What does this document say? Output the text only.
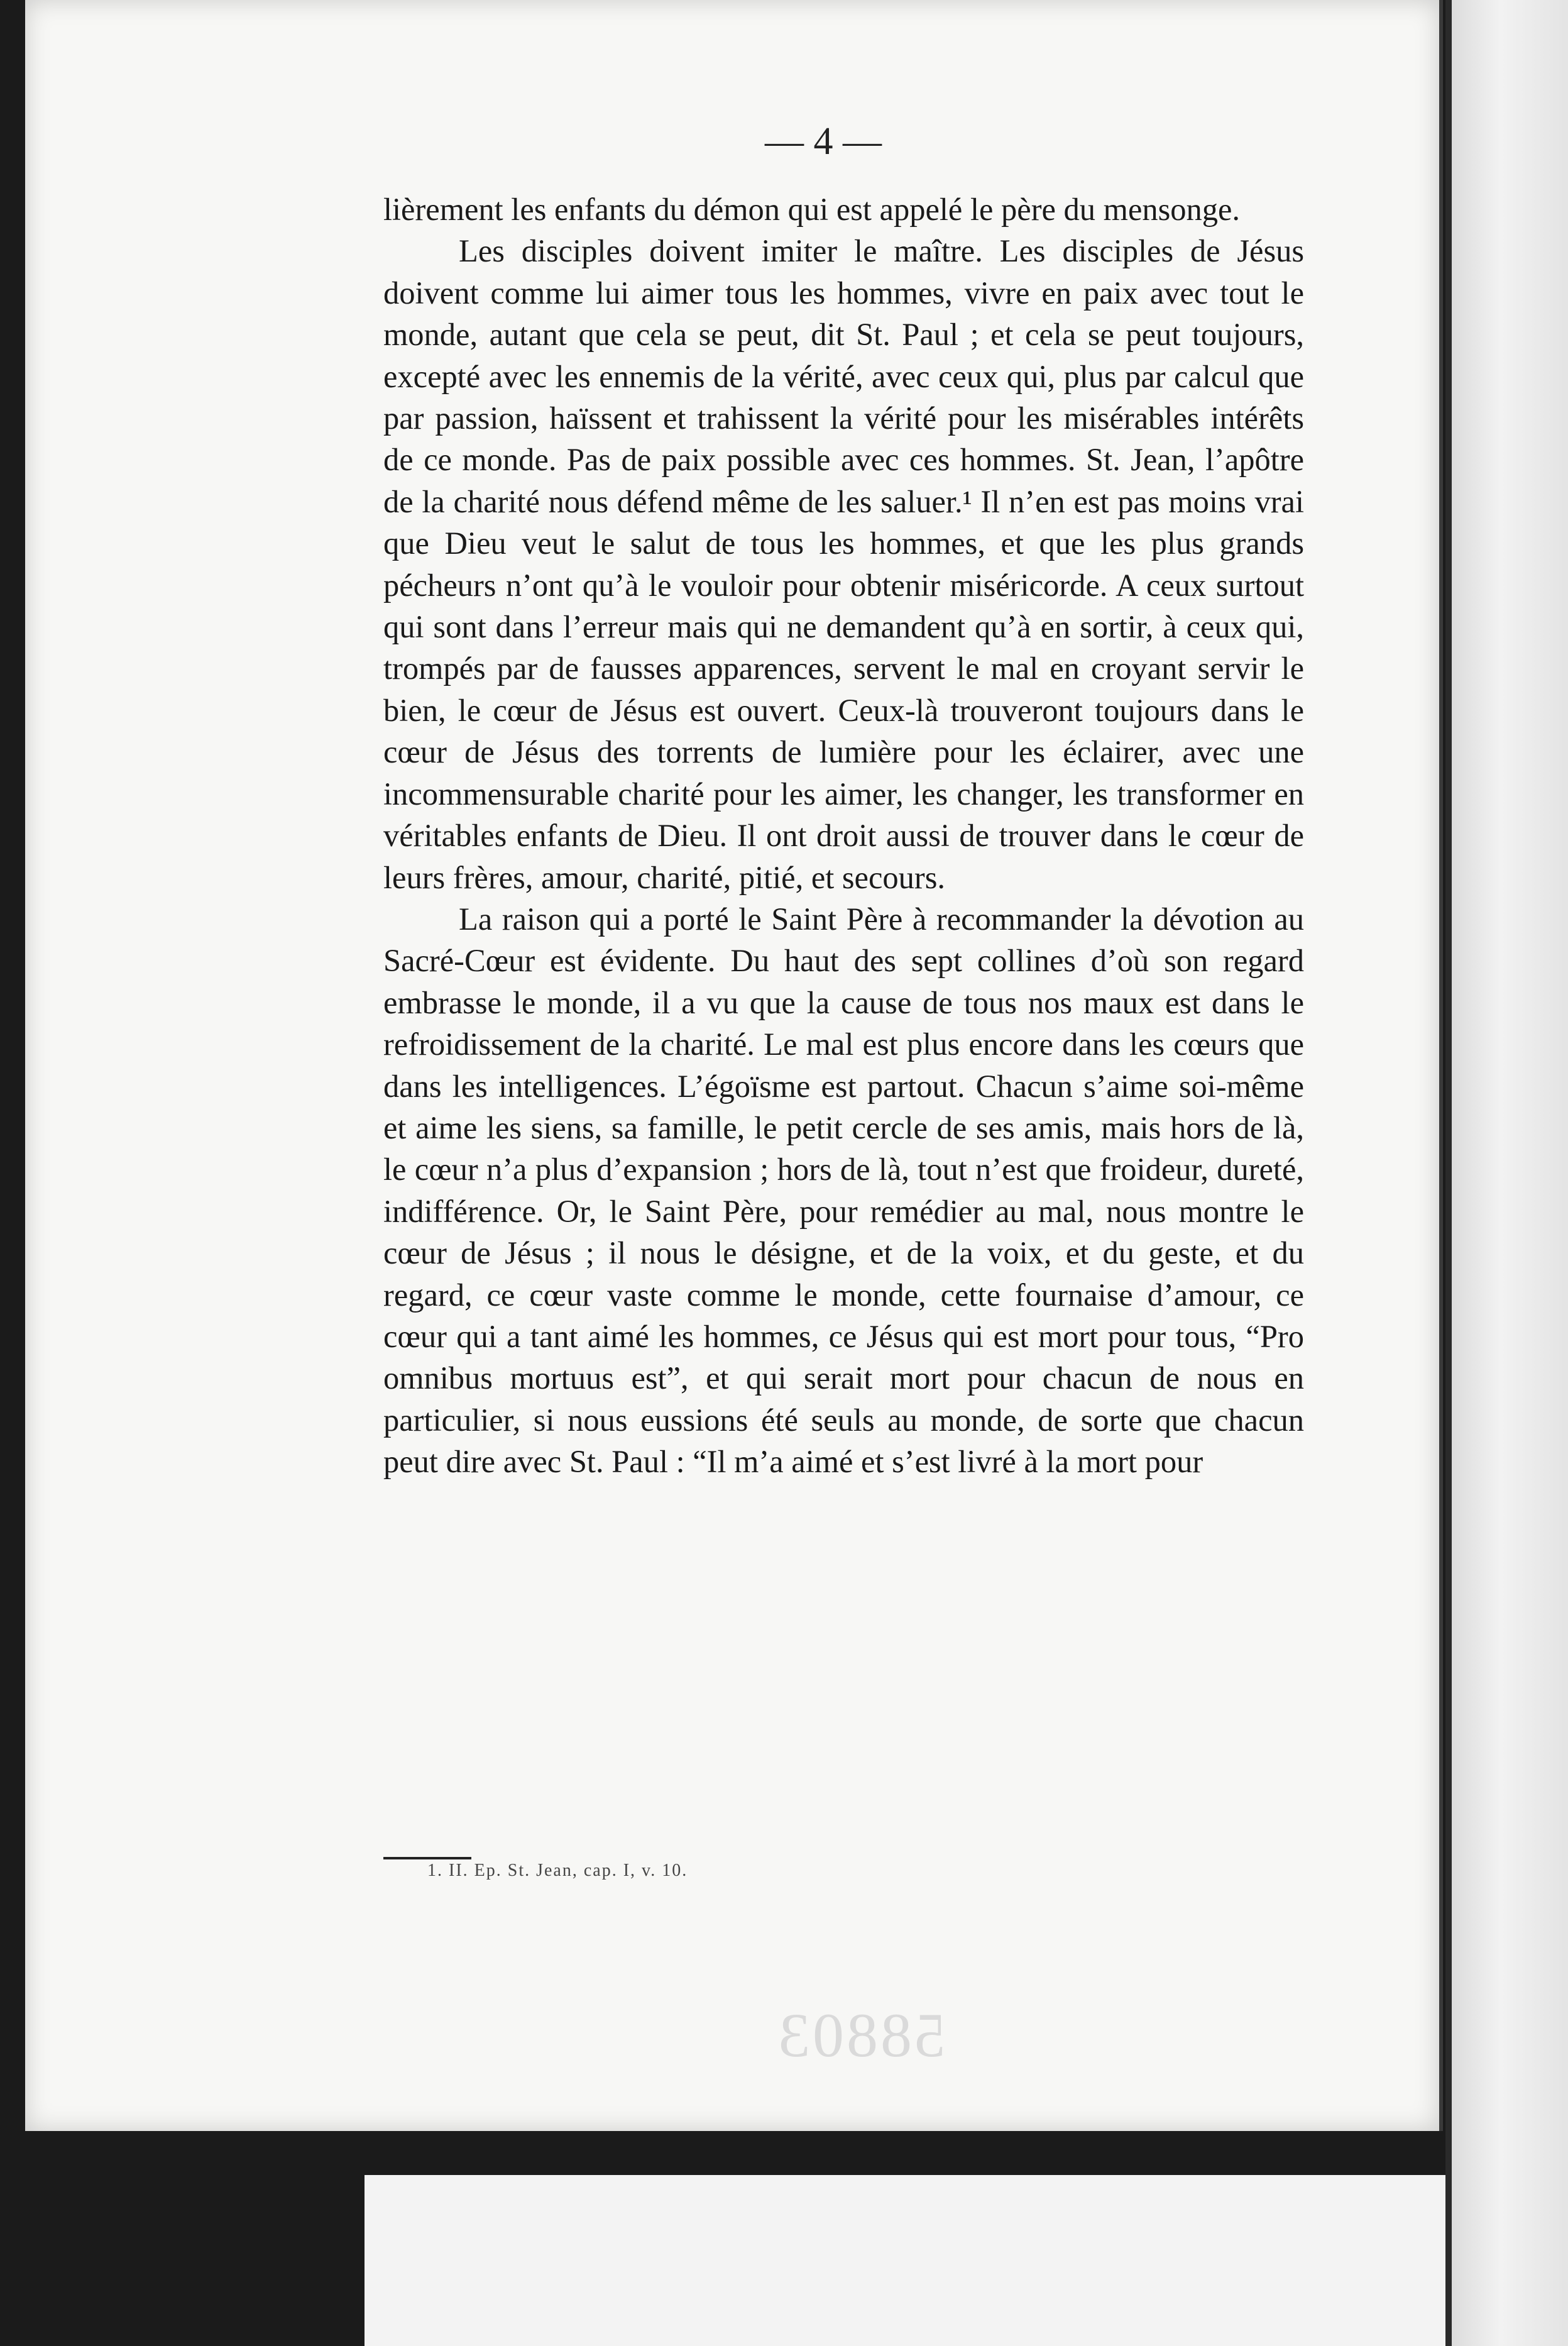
— 4 —

lièrement les enfants du démon qui est appelé le père du mensonge.

Les disciples doivent imiter le maître. Les disciples de Jésus doivent comme lui aimer tous les hommes, vivre en paix avec tout le monde, autant que cela se peut, dit St. Paul ; et cela se peut toujours, excepté avec les ennemis de la vérité, avec ceux qui, plus par calcul que par passion, haïssent et trahissent la vérité pour les misérables intérêts de ce monde. Pas de paix possible avec ces hommes. St. Jean, l’apôtre de la charité nous défend même de les saluer.¹ Il n’en est pas moins vrai que Dieu veut le salut de tous les hommes, et que les plus grands pécheurs n’ont qu’à le vouloir pour obtenir miséricorde. A ceux surtout qui sont dans l’erreur mais qui ne demandent qu’à en sortir, à ceux qui, trompés par de fausses apparences, servent le mal en croyant servir le bien, le cœur de Jésus est ouvert. Ceux-là trouveront toujours dans le cœur de Jésus des torrents de lumière pour les éclairer, avec une incommensurable charité pour les aimer, les changer, les transformer en véritables enfants de Dieu. Il ont droit aussi de trouver dans le cœur de leurs frères, amour, charité, pitié, et secours.

La raison qui a porté le Saint Père à recommander la dévotion au Sacré-Cœur est évidente. Du haut des sept collines d’où son regard embrasse le monde, il a vu que la cause de tous nos maux est dans le refroidissement de la charité. Le mal est plus encore dans les cœurs que dans les intelligences. L’égoïsme est partout. Chacun s’aime soi-même et aime les siens, sa famille, le petit cercle de ses amis, mais hors de là, le cœur n’a plus d’expansion ; hors de là, tout n’est que froideur, dureté, indifférence. Or, le Saint Père, pour remédier au mal, nous montre le cœur de Jésus ; il nous le désigne, et de la voix, et du geste, et du regard, ce cœur vaste comme le monde, cette fournaise d’amour, ce cœur qui a tant aimé les hommes, ce Jésus qui est mort pour tous, “Pro omnibus mortuus est”, et qui serait mort pour chacun de nous en particulier, si nous eussions été seuls au monde, de sorte que chacun peut dire avec St. Paul : “Il m’a aimé et s’est livré à la mort pour

1. II. Ep. St. Jean, cap. I, v. 10.
58803
